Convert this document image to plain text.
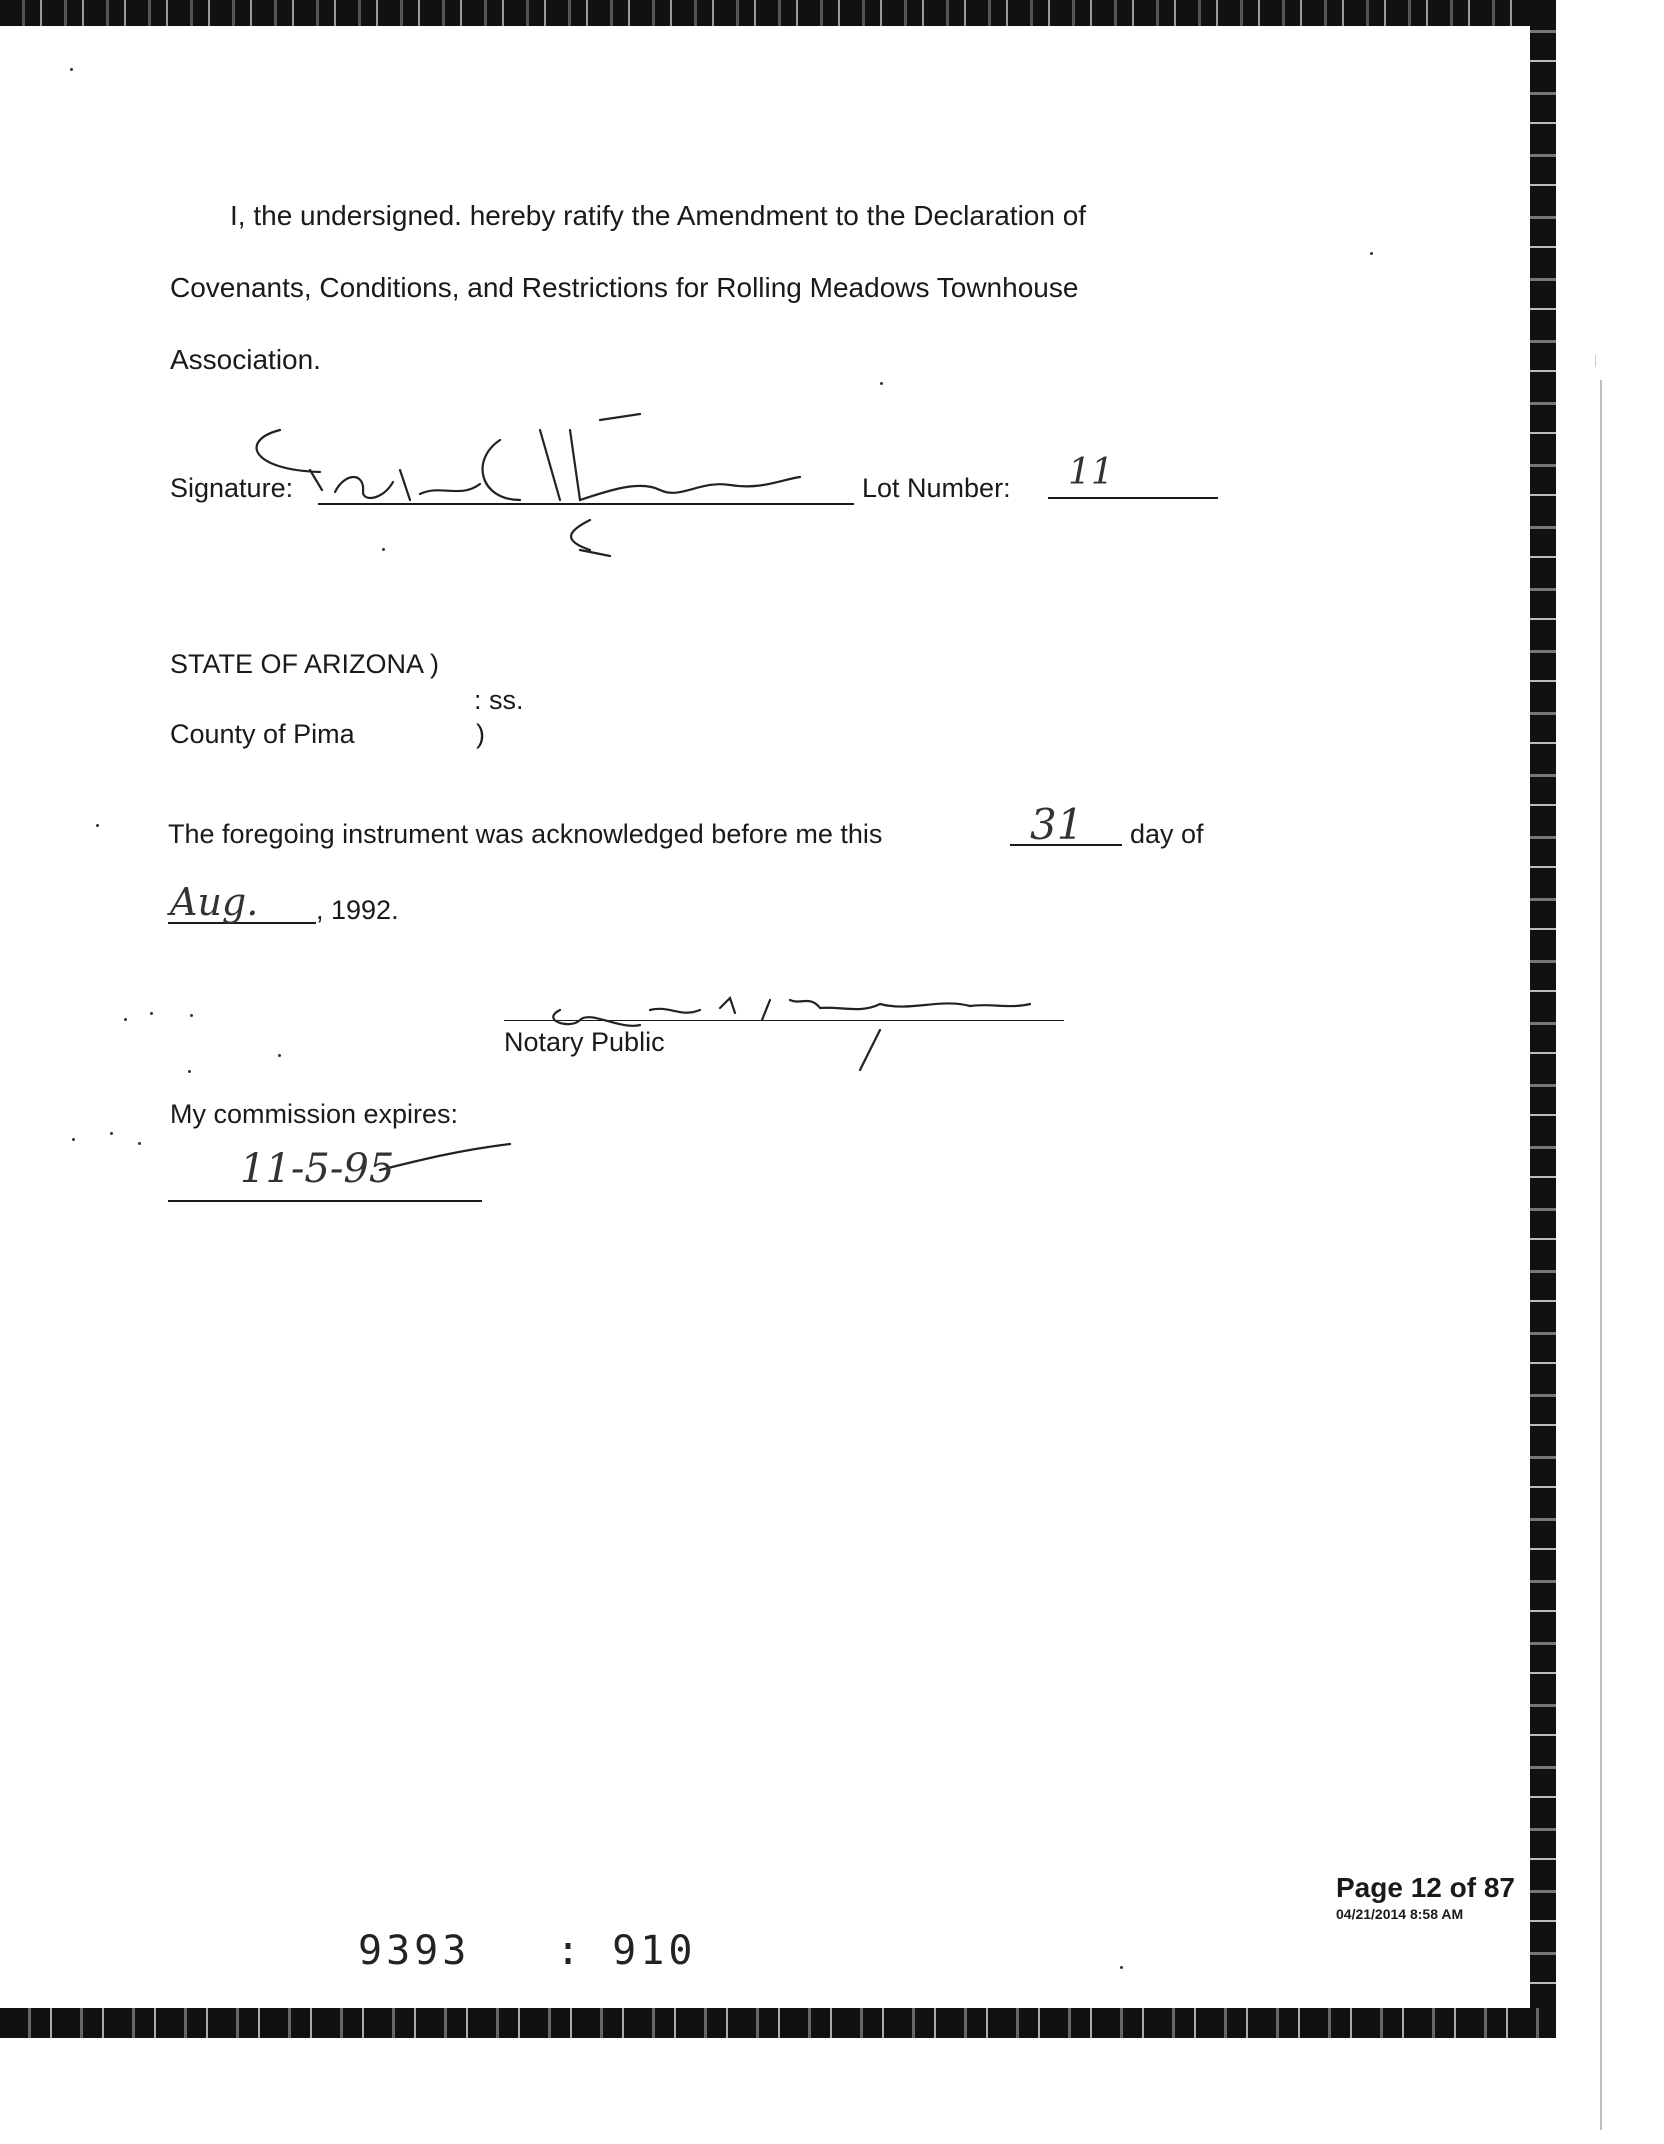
I, the undersigned. hereby ratify the Amendment to the Declaration of
Covenants, Conditions, and Restrictions for Rolling Meadows Townhouse
Association.
Signature:	Lot Number: 11
STATE OF ARIZONA )
: ss.
County of Pima	)
The foregoing instrument was acknowledged before me this	31 day of
Aug. , 1992.
Notary Public
My commission expires:
11-5-95
Page 12 of 87
04/21/2014 8:58 AM
9393 : 910
